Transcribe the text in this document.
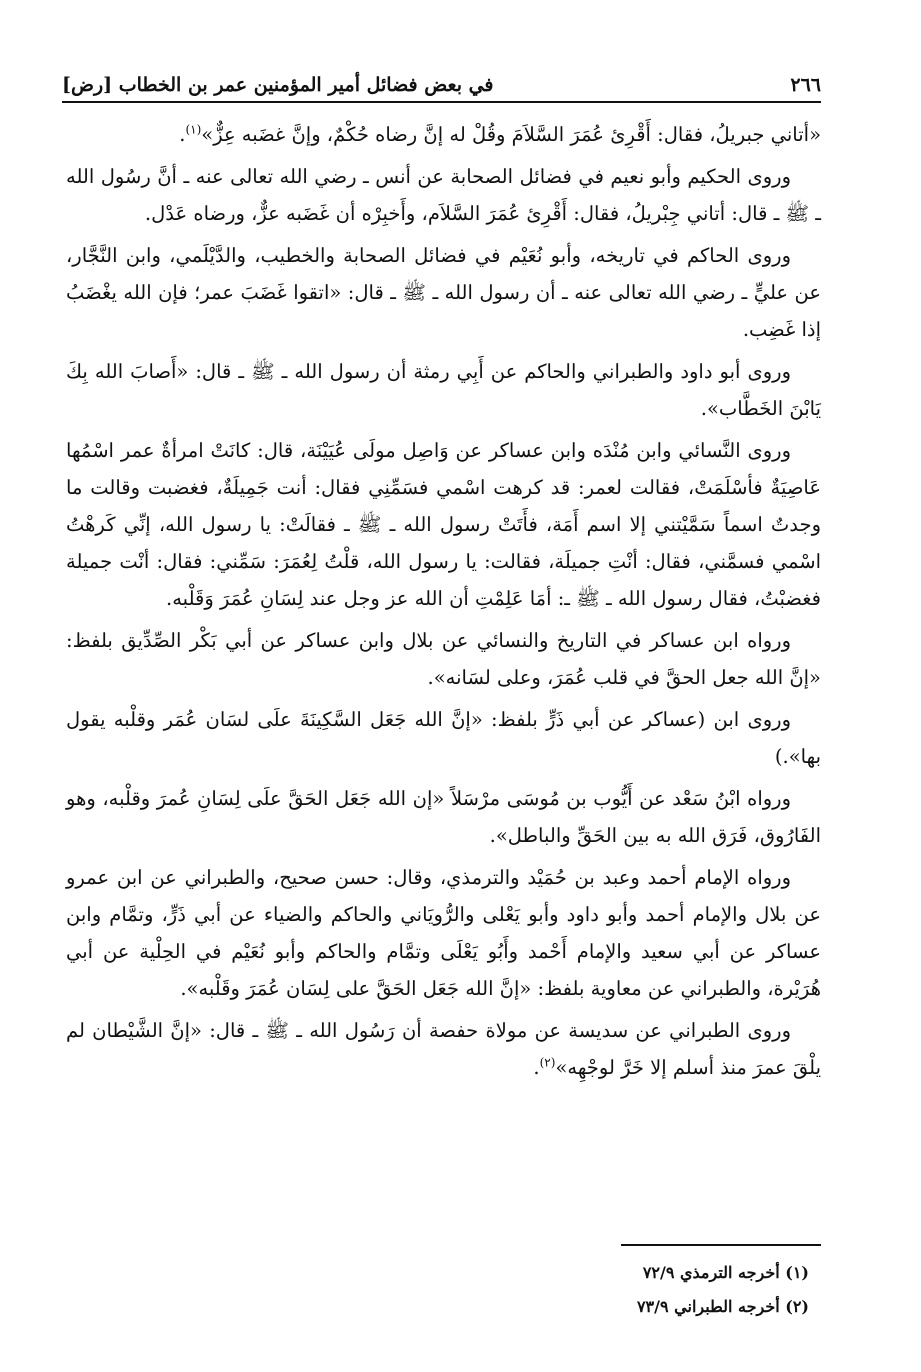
٢٦٦
في بعض فضائل أمير المؤمنين عمر بن الخطاب [رض]

«أتاني جبريلُ، فقال: أَقْرِئ عُمَرَ السَّلاَمَ وقُلْ له إنَّ رضاه حُكْمٌ، وإنَّ غضَبه عِزٌّ»$^{(١)}$.

وروى الحكيم وأبو نعيم في فضائل الصحابة عن أنس ـ رضي الله تعالى عنه ـ أنَّ رسُول الله ـ ﷺ ـ قال: أتاني جِبْريلُ، فقال: أَقْرِئ عُمَرَ السَّلاَم، وأَخبِرْه أن غَضَبه عزٌّ، ورضاه عَدْل.

وروى الحاكم في تاريخه، وأبو نُعَيْم في فضائل الصحابة والخطيب، والدَّيْلَمي، وابن النَّجَّار، عن عليٍّ ـ رضي الله تعالى عنه ـ أن رسول الله ـ ﷺ ـ قال: «اتقوا غَضَبَ عمر؛ فإن الله يغْضَبُ إذا غَضِب.

وروى أبو داود والطبراني والحاكم عن أَبِي رمثة أن رسول الله ـ ﷺ ـ قال: «أَصابَ الله بِكَ يَابْنَ الخَطَّاب».

وروى النَّسائي وابن مُنْدَه وابن عساكر عن وَاصِل مولَى عُيَيْنَة، قال: كانَتْ امرأةٌ عمر اسْمُها عَاصِيَةٌ فأسْلَمَتْ، فقالت لعمر: قد كرهت اسْمي فسَمِّنِي فقال: أنت جَمِيلَةٌ، فغضبت وقالت ما وجدتٌ اسماً سَمَّيْتني إلا اسم أَمَة، فأَتَتْ رسول الله ـ ﷺ ـ فقالَتْ: يا رسول الله، إنِّي كَرهْتُ اسْمي فسمَّني، فقال: أنْتِ جميلَة، فقالت: يا رسول الله، قلْتُ لِعُمَرَ: سَمِّني: فقال: أنْت جميلة فغضبْتُ، فقال رسول الله ـ ﷺ ـ: أمَا عَلِمْتِ أن الله عز وجل عند لِسَانِ عُمَرَ وَقَلْبه.

ورواه ابن عساكر في التاريخ والنسائي عن بلال وابن عساكر عن أبي بَكْر الصِّدِّيق بلفظ: «إنَّ الله جعل الحقَّ في قلب عُمَرَ، وعلى لسَانه».

وروى ابن (عساكر عن أبي ذَرٍّ بلفظ: «إنَّ الله جَعَل السَّكِينَةَ علَى لسَان عُمَر وقلْبه يقول بها».)

ورواه ابْنُ سَعْد عن أَيُّوب بن مُوسَى مرْسَلاً «إن الله جَعَل الحَقَّ علَى لِسَانِ عُمرَ وقلْبه، وهو الفَارُوق، فَرَق الله به بين الحَقِّ والباطل».

ورواه الإمام أحمد وعبد بن حُمَيْد والترمذي، وقال: حسن صحيح، والطبراني عن ابن عمرو عن بلال والإمام أحمد وأبو داود وأبو يَعْلى والرُّويَاني والحاكم والضياء عن أبي ذَرٍّ، وتمَّام وابن عساكر عن أبي سعيد والإمام أَحْمد وأَبُو يَعْلَى وتمَّام والحاكم وأبو نُعَيْم في الحِلْية عن أبي هُرَيْرة، والطبراني عن معاوية بلفظ: «إنَّ الله جَعَل الحَقَّ على لِسَان عُمَرَ وقَلْبه».

وروى الطبراني عن سديسة عن مولاة حفصة أن رَسُول الله ـ ﷺ ـ قال: «إنَّ الشَّيْطان لم يلْقَ عمرَ منذ أسلم إلا خَرَّ لوجْهِه»$^{(٢)}$.

(١) أخرجه الترمذي ٧٢/٩
(٢) أخرجه الطبراني ٧٣/٩
